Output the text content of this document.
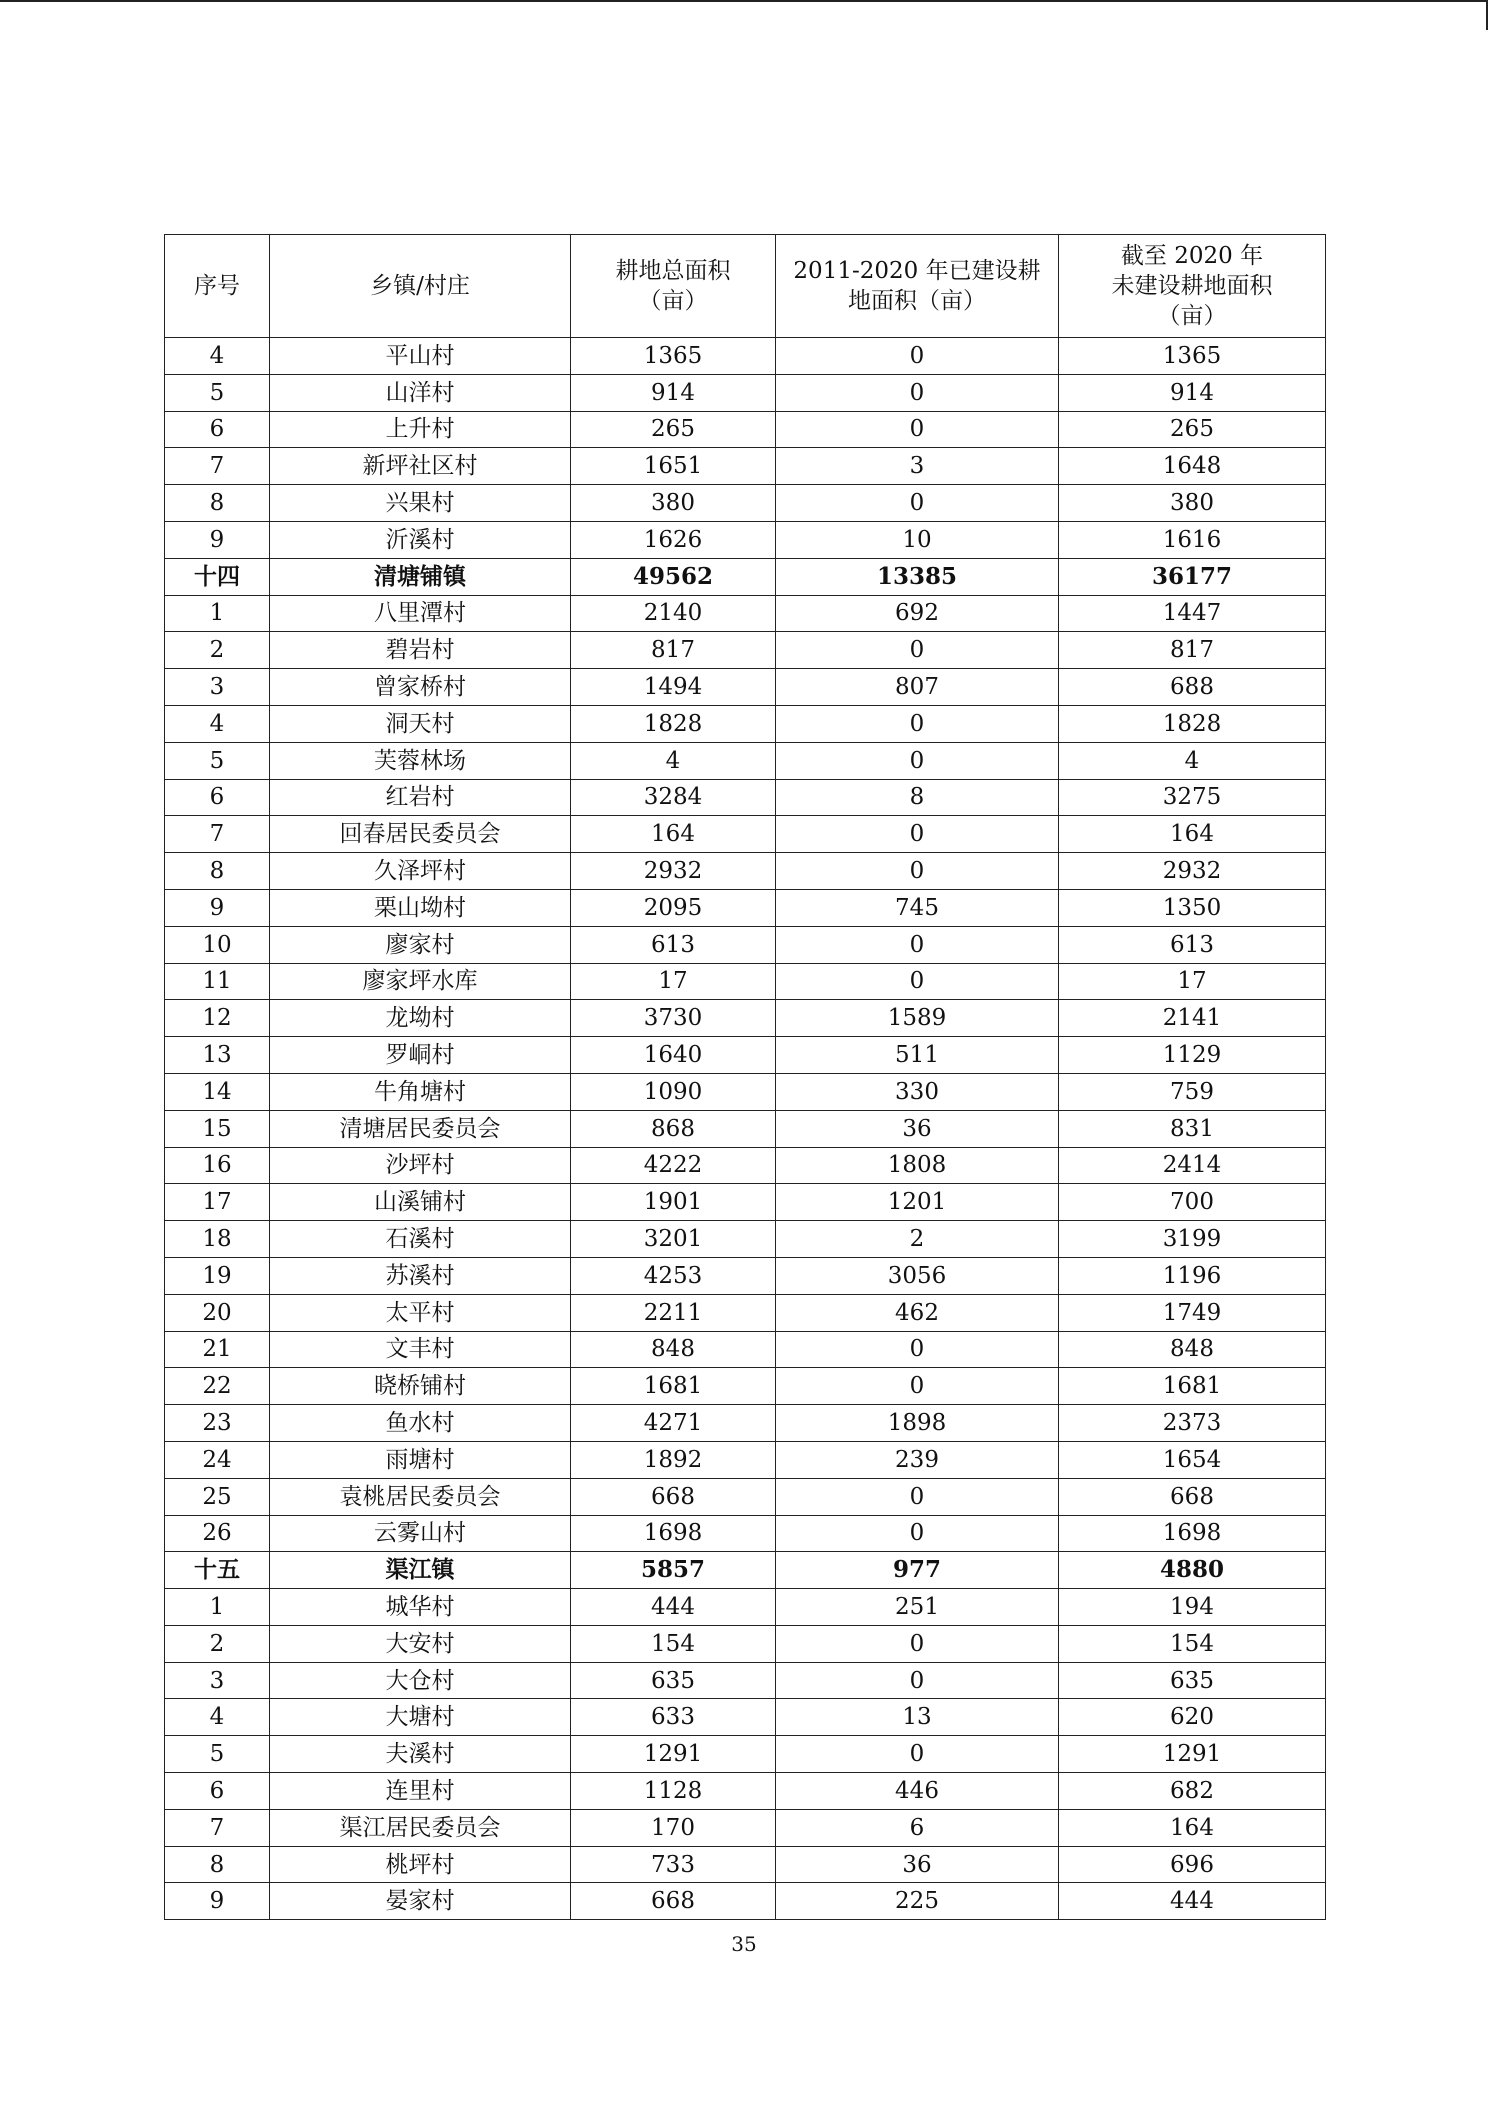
序号	乡镇/村庄	耕地总面积（亩）	2011-2020 年已建设耕地面积（亩）	截至 2020 年
未建设耕地面积（亩）

4	平山村	1365	0	1365
5	山洋村	914	0	914
6	上升村	265	0	265
7	新坪社区村	1651	3	1648
8	兴果村	380	0	380
9	沂溪村	1626	10	1616
十四	清塘铺镇	49562	13385	36177
1	八里潭村	2140	692	1447
2	碧岩村	817	0	817
3	曾家桥村	1494	807	688
4	洞天村	1828	0	1828
5	芙蓉林场	4	0	4
6	红岩村	3284	8	3275
7	回春居民委员会	164	0	164
8	久泽坪村	2932	0	2932
9	栗山坳村	2095	745	1350
10	廖家村	613	0	613
11	廖家坪水库	17	0	17
12	龙坳村	3730	1589	2141
13	罗峒村	1640	511	1129
14	牛角塘村	1090	330	759
15	清塘居民委员会	868	36	831
16	沙坪村	4222	1808	2414
17	山溪铺村	1901	1201	700
18	石溪村	3201	2	3199
19	苏溪村	4253	3056	1196
20	太平村	2211	462	1749
21	文丰村	848	0	848
22	晓桥铺村	1681	0	1681
23	鱼水村	4271	1898	2373
24	雨塘村	1892	239	1654
25	袁桃居民委员会	668	0	668
26	云雾山村	1698	0	1698
十五	渠江镇	5857	977	4880
1	城华村	444	251	194
2	大安村	154	0	154
3	大仓村	635	0	635
4	大塘村	633	13	620
5	夫溪村	1291	0	1291
6	连里村	1128	446	682
7	渠江居民委员会	170	6	164
8	桃坪村	733	36	696
9	晏家村	668	225	444
35
